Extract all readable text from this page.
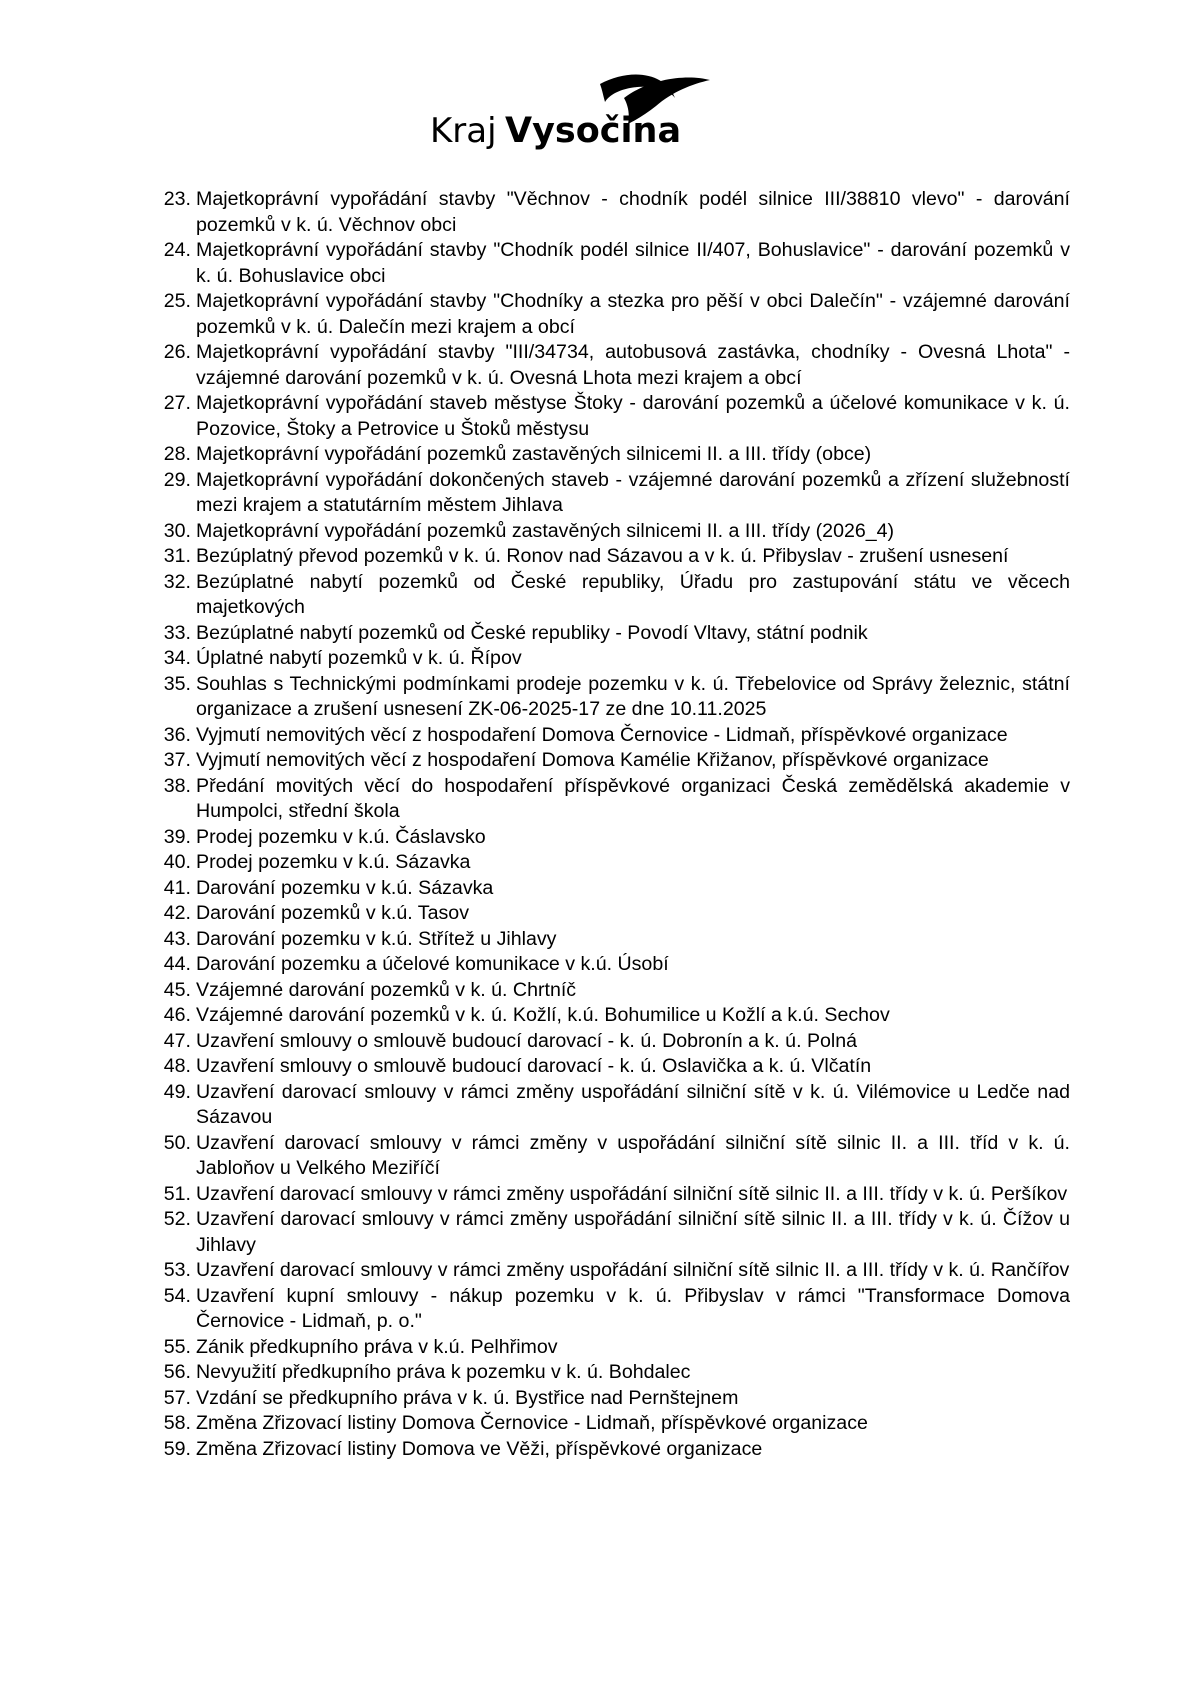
Kraj Vysočina
23. Majetkoprávní vypořádání stavby "Věchnov - chodník podél silnice III/38810 vlevo" - darování pozemků v k. ú. Věchnov obci
24. Majetkoprávní vypořádání stavby "Chodník podél silnice II/407, Bohuslavice" - darování pozemků v k. ú. Bohuslavice obci
25. Majetkoprávní vypořádání stavby "Chodníky a stezka pro pěší v obci Dalečín" - vzájemné darování pozemků v k. ú. Dalečín mezi krajem a obcí
26. Majetkoprávní vypořádání stavby "III/34734, autobusová zastávka, chodníky - Ovesná Lhota" - vzájemné darování pozemků v k. ú. Ovesná Lhota mezi krajem a obcí
27. Majetkoprávní vypořádání staveb městyse Štoky - darování pozemků a účelové komunikace v k. ú. Pozovice, Štoky a Petrovice u Štoků městysu
28. Majetkoprávní vypořádání pozemků zastavěných silnicemi II. a III. třídy (obce)
29. Majetkoprávní vypořádání dokončených staveb - vzájemné darování pozemků a zřízení služebností mezi krajem a statutárním městem Jihlava
30. Majetkoprávní vypořádání pozemků zastavěných silnicemi II. a III. třídy (2026_4)
31. Bezúplatný převod pozemků v k. ú. Ronov nad Sázavou a v k. ú. Přibyslav - zrušení usnesení
32. Bezúplatné nabytí pozemků od České republiky, Úřadu pro zastupování státu ve věcech majetkových
33. Bezúplatné nabytí pozemků od České republiky - Povodí Vltavy, státní podnik
34. Úplatné nabytí pozemků v k. ú. Řípov
35. Souhlas s Technickými podmínkami prodeje pozemku v k. ú. Třebelovice od Správy železnic, státní organizace a zrušení usnesení ZK-06-2025-17 ze dne 10.11.2025
36. Vyjmutí nemovitých věcí z hospodaření Domova Černovice - Lidmaň, příspěvkové organizace
37. Vyjmutí nemovitých věcí z hospodaření Domova Kamélie Křižanov, příspěvkové organizace
38. Předání movitých věcí do hospodaření příspěvkové organizaci Česká zemědělská akademie v Humpolci, střední škola
39. Prodej pozemku v k.ú. Čáslavsko
40. Prodej pozemku v k.ú. Sázavka
41. Darování pozemku v k.ú. Sázavka
42. Darování pozemků v k.ú. Tasov
43. Darování pozemku v k.ú. Střítež u Jihlavy
44. Darování pozemku a účelové komunikace v k.ú. Úsobí
45. Vzájemné darování pozemků v k. ú. Chrtníč
46. Vzájemné darování pozemků v k. ú. Kožlí, k.ú. Bohumilice u Kožlí a k.ú. Sechov
47. Uzavření smlouvy o smlouvě budoucí darovací - k. ú. Dobronín a k. ú. Polná
48. Uzavření smlouvy o smlouvě budoucí darovací - k. ú. Oslavička a k. ú. Vlčatín
49. Uzavření darovací smlouvy v rámci změny uspořádání silniční sítě v k. ú. Vilémovice u Ledče nad Sázavou
50. Uzavření darovací smlouvy v rámci změny v uspořádání silniční sítě silnic II. a III. tříd v k. ú. Jabloňov u Velkého Meziříčí
51. Uzavření darovací smlouvy v rámci změny uspořádání silniční sítě silnic II. a III. třídy v k. ú. Peršíkov
52. Uzavření darovací smlouvy v rámci změny uspořádání silniční sítě silnic II. a III. třídy v k. ú. Čížov u Jihlavy
53. Uzavření darovací smlouvy v rámci změny uspořádání silniční sítě silnic II. a III. třídy v k. ú. Rančířov
54. Uzavření kupní smlouvy - nákup pozemku v k. ú. Přibyslav v rámci "Transformace Domova Černovice - Lidmaň, p. o."
55. Zánik předkupního práva v k.ú. Pelhřimov
56. Nevyužití předkupního práva k pozemku v k. ú. Bohdalec
57. Vzdání se předkupního práva v k. ú. Bystřice nad Pernštejnem
58. Změna Zřizovací listiny Domova Černovice - Lidmaň, příspěvkové organizace
59. Změna Zřizovací listiny Domova ve Věži, příspěvkové organizace
